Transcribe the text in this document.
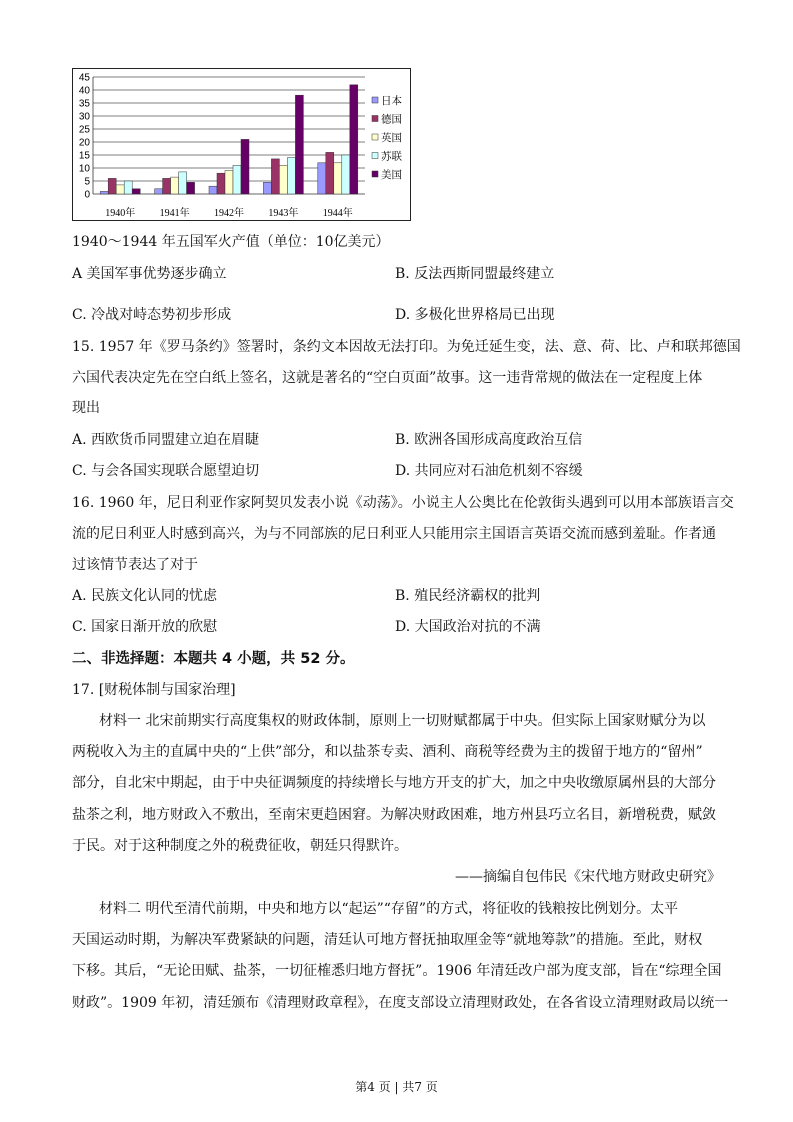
0
5
10
15
20
25
30
35
40
45
1940年 1941年 1942年 1943年 1944年
日本
德国
英国
苏联
美国
1940～1944 年五国军火产值（单位：10亿美元）
A 美国军事优势逐步确立	B. 反法西斯同盟最终建立
C. 冷战对峙态势初步形成	D. 多极化世界格局已出现
15. 1957 年《罗马条约》签署时，条约文本因故无法打印。为免迁延生变，法、意、荷、比、卢和联邦德国
六国代表决定先在空白纸上签名，这就是著名的“空白页面”故事。这一违背常规的做法在一定程度上体
现出
A. 西欧货币同盟建立迫在眉睫	B. 欧洲各国形成高度政治互信
C. 与会各国实现联合愿望迫切	D. 共同应对石油危机刻不容缓
16. 1960 年，尼日利亚作家阿契贝发表小说《动荡》。小说主人公奥比在伦敦街头遇到可以用本部族语言交
流的尼日利亚人时感到高兴，为与不同部族的尼日利亚人只能用宗主国语言英语交流而感到羞耻。作者通
过该情节表达了对于
A. 民族文化认同的忧虑	B. 殖民经济霸权的批判
C. 国家日渐开放的欣慰	D. 大国政治对抗的不满
二、非选择题：本题共 4 小题，共 52 分。
17. [财税体制与国家治理]
材料一 北宋前期实行高度集权的财政体制，原则上一切财赋都属于中央。但实际上国家财赋分为以
两税收入为主的直属中央的“上供”部分，和以盐茶专卖、酒利、商税等经费为主的拨留于地方的“留州”
部分，自北宋中期起，由于中央征调频度的持续增长与地方开支的扩大，加之中央收缴原属州县的大部分
盐茶之利，地方财政入不敷出，至南宋更趋困窘。为解决财政困难，地方州县巧立名目，新增税费，赋敛
于民。对于这种制度之外的税费征收，朝廷只得默许。
——摘编自包伟民《宋代地方财政史研究》
材料二 明代至清代前期，中央和地方以“起运”“存留”的方式，将征收的钱粮按比例划分。太平
天国运动时期，为解决军费紧缺的问题，清廷认可地方督抚抽取厘金等“就地筹款”的措施。至此，财权
下移。其后，“无论田赋、盐茶，一切征榷悉归地方督抚”。1906 年清廷改户部为度支部，旨在“综理全国
财政”。1909 年初，清廷颁布《清理财政章程》，在度支部设立清理财政处，在各省设立清理财政局以统一
第4 页 | 共7 页
